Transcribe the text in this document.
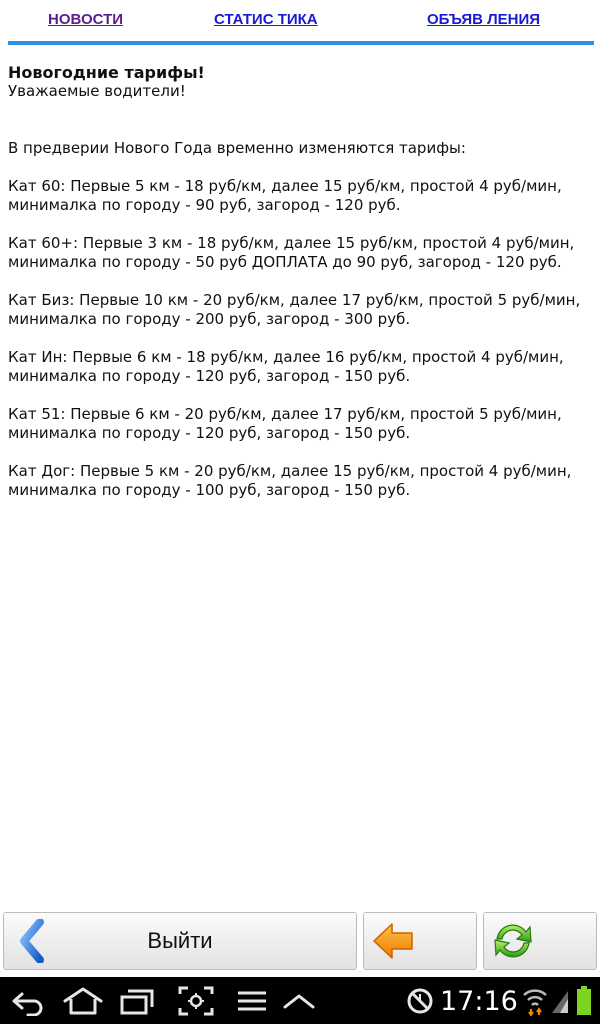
НОВОСТИ	СТАТИС ТИКА	ОБЪЯВ ЛЕНИЯ

Новогодние тарифы!

Уважаемые водители!

В предверии Нового Года временно изменяются тарифы:

Кат 60: Первые 5 км - 18 руб/км, далее 15 руб/км, простой 4 руб/мин,

минималка по городу - 90 руб, загород - 120 руб.

Кат 60+: Первые 3 км - 18 руб/км, далее 15 руб/км, простой 4 руб/мин,

минималка по городу - 50 руб ДОПЛАТА до 90 руб, загород - 120 руб.

Кат Биз: Первые 10 км - 20 руб/км, далее 17 руб/км, простой 5 руб/мин,

минималка по городу - 200 руб, загород - 300 руб.

Кат Ин: Первые 6 км - 18 руб/км, далее 16 руб/км, простой 4 руб/мин,

минималка по городу - 120 руб, загород - 150 руб.

Кат 51: Первые 6 км - 20 руб/км, далее 17 руб/км, простой 5 руб/мин,

минималка по городу - 120 руб, загород - 150 руб.

Кат Дог: Первые 5 км - 20 руб/км, далее 15 руб/км, простой 4 руб/мин,

минималка по городу - 100 руб, загород - 150 руб.

Выйти
17:16
